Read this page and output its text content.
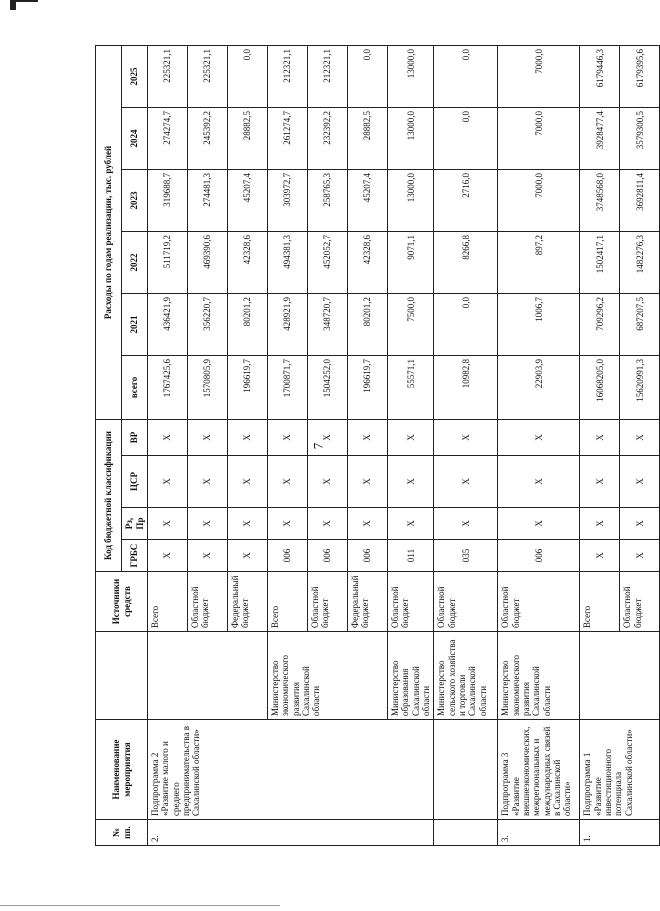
7
№ пп.	Наименование мероприятия		Источники средств	Код бюджетной классификации				Расходы по годам реализации, тыс. рублей					
				ГРБС	Рз, Пр	ЦСР	ВР	всего	2021	2022	2023	2024	2025
2.	Подпрограмма 2 «Развитие малого и среднего предпринимательства в Сахалинской области»		Всего	X	X	X	X	1767425,6	436421,9	511719,2	319688,7	274274,7	225321,1
			Областной бюджет	X	X	X	X	1570805,9	356220,7	469390,6	274481,3	245392,2	225321,1
			Федеральный бюджет	X	X	X	X	196619,7	80201,2	42328,6	45207,4	28882,5	0,0
		Министерство экономического развития Сахалинской области	Всего	006	X	X	X	1700871,7	428921,9	494381,3	303972,7	261274,7	212321,1
			Областной бюджет	006	X	X	X	1504252,0	348720,7	452052,7	258765,3	232392,2	212321,1
			Федеральный бюджет	006	X	X	X	196619,7	80201,2	42328,6	45207,4	28882,5	0,0
		Министерство образования Сахалинской области	Областной бюджет	011	X	X	X	55571,1	7500,0	9071,1	13000,0	13000,0	13000,0
		Министерство сельского хозяйства и торговли Сахалинской области	Областной бюджет	035	X	X	X	10982,8	0,0	8266,8	2716,0	0,0	0,0
3.	Подпрограмма 3 «Развитие внешнеэкономических, межрегиональных и международных связей в Сахалинской области»	Министерство экономического развития Сахалинской области	Областной бюджет	006	X	X	X	22903,9	1006,7	897,2	7000,0	7000,0	7000,0
1.	Подпрограмма 1 «Развитие инвестиционного потенциала Сахалинской области»		Всего	X	X	X	X	16068205,0	709296,2	1502417,1	3748568,0	3928477,4	6179446,3
			Областной бюджет	X	X	X	X	15620991,3	687207,5	1482276,3	3692811,4	3579300,5	6179395,6
